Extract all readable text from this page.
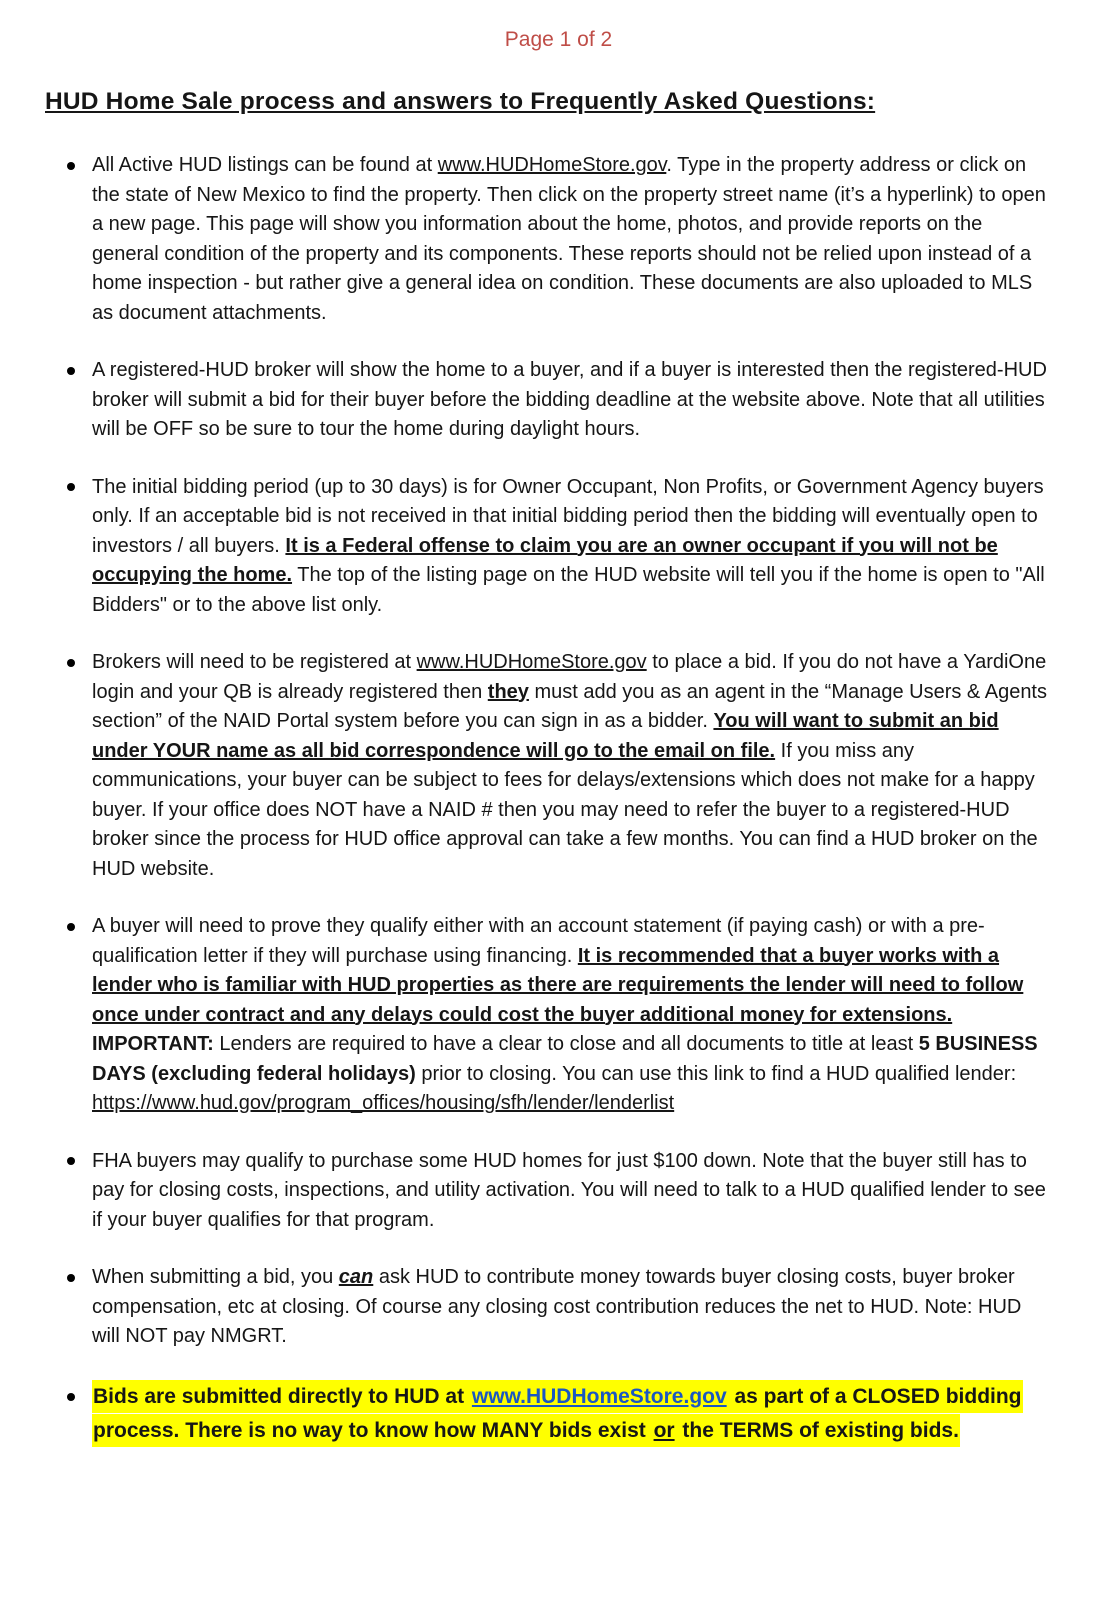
Page 1 of 2
HUD Home Sale process and answers to Frequently Asked Questions:
All Active HUD listings can be found at www.HUDHomeStore.gov. Type in the property address or click on the state of New Mexico to find the property. Then click on the property street name (it’s a hyperlink) to open a new page. This page will show you information about the home, photos, and provide reports on the general condition of the property and its components. These reports should not be relied upon instead of a home inspection - but rather give a general idea on condition. These documents are also uploaded to MLS as document attachments.
A registered-HUD broker will show the home to a buyer, and if a buyer is interested then the registered-HUD broker will submit a bid for their buyer before the bidding deadline at the website above. Note that all utilities will be OFF so be sure to tour the home during daylight hours.
The initial bidding period (up to 30 days) is for Owner Occupant, Non Profits, or Government Agency buyers only. If an acceptable bid is not received in that initial bidding period then the bidding will eventually open to investors / all buyers. It is a Federal offense to claim you are an owner occupant if you will not be occupying the home. The top of the listing page on the HUD website will tell you if the home is open to "All Bidders" or to the above list only.
Brokers will need to be registered at www.HUDHomeStore.gov to place a bid. If you do not have a YardiOne login and your QB is already registered then they must add you as an agent in the “Manage Users & Agents section” of the NAID Portal system before you can sign in as a bidder. You will want to submit an bid under YOUR name as all bid correspondence will go to the email on file. If you miss any communications, your buyer can be subject to fees for delays/extensions which does not make for a happy buyer. If your office does NOT have a NAID # then you may need to refer the buyer to a registered-HUD broker since the process for HUD office approval can take a few months. You can find a HUD broker on the HUD website.
A buyer will need to prove they qualify either with an account statement (if paying cash) or with a pre-qualification letter if they will purchase using financing. It is recommended that a buyer works with a lender who is familiar with HUD properties as there are requirements the lender will need to follow once under contract and any delays could cost the buyer additional money for extensions. IMPORTANT: Lenders are required to have a clear to close and all documents to title at least 5 BUSINESS DAYS (excluding federal holidays) prior to closing. You can use this link to find a HUD qualified lender: https://www.hud.gov/program_offices/housing/sfh/lender/lenderlist
FHA buyers may qualify to purchase some HUD homes for just $100 down. Note that the buyer still has to pay for closing costs, inspections, and utility activation. You will need to talk to a HUD qualified lender to see if your buyer qualifies for that program.
When submitting a bid, you can ask HUD to contribute money towards buyer closing costs, buyer broker compensation, etc at closing. Of course any closing cost contribution reduces the net to HUD. Note: HUD will NOT pay NMGRT.
Bids are submitted directly to HUD at www.HUDHomeStore.gov as part of a CLOSED bidding process. There is no way to know how MANY bids exist or the TERMS of existing bids.
